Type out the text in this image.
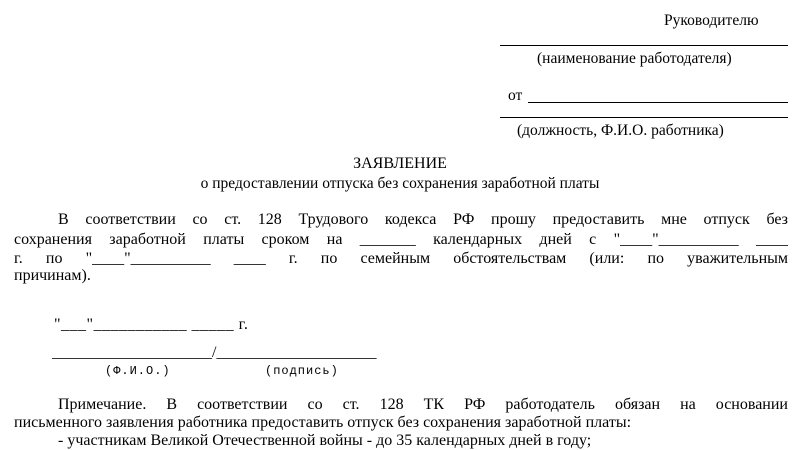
Руководителю
(наименование работодателя)
от
(должность, Ф.И.О. работника)
ЗАЯВЛЕНИЕ
о предоставлении отпуска без сохранения заработной платы
В соответствии со ст. 128 Трудового кодекса РФ прошу предоставить мне отпуск без
сохранения заработной платы сроком на _______ календарных дней с "____"__________ ____
г. по "____"__________ ____ г. по семейным обстоятельствам (или: по уважительным
причинам).
"___"___________ _____ г.
____________________/____________________
(Ф.И.О.)	(подпись)
Примечание. В соответствии со ст. 128 ТК РФ работодатель обязан на основании
письменного заявления работника предоставить отпуск без сохранения заработной платы:
- участникам Великой Отечественной войны - до 35 календарных дней в году;
